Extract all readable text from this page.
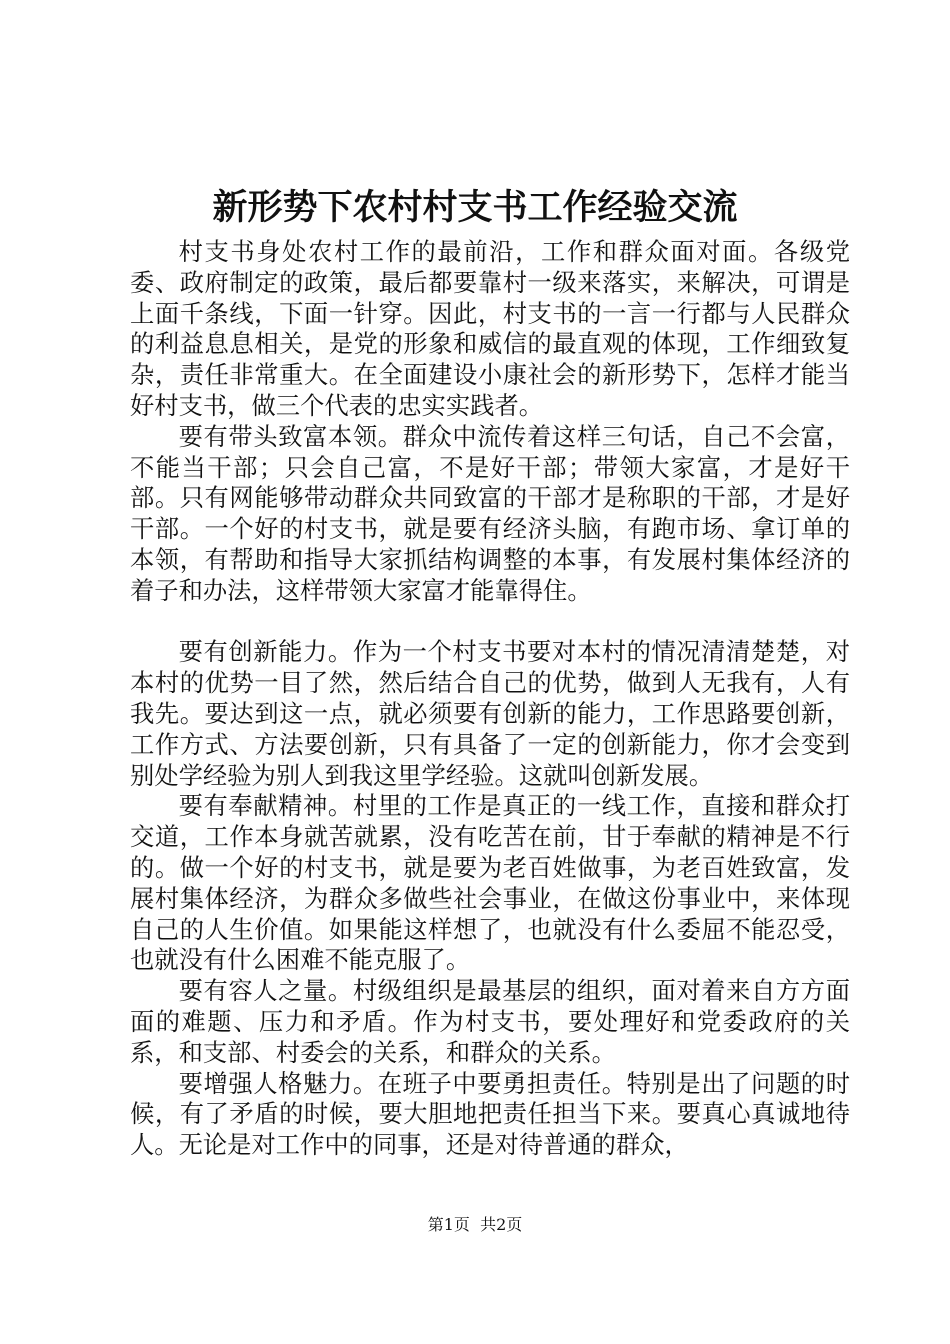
新形势下农村村支书工作经验交流

村支书身处农村工作的最前沿，工作和群众面对面。各级党委、政府制定的政策，最后都要靠村一级来落实，来解决，可谓是上面千条线，下面一针穿。因此，村支书的一言一行都与人民群众的利益息息相关，是党的形象和威信的最直观的体现，工作细致复杂，责任非常重大。在全面建设小康社会的新形势下，怎样才能当好村支书，做三个代表的忠实实践者。

要有带头致富本领。群众中流传着这样三句话，自己不会富，不能当干部；只会自己富，不是好干部；带领大家富，才是好干部。只有网能够带动群众共同致富的干部才是称职的干部，才是好干部。一个好的村支书，就是要有经济头脑，有跑市场、拿订单的本领，有帮助和指导大家抓结构调整的本事，有发展村集体经济的着子和办法，这样带领大家富才能靠得住。

要有创新能力。作为一个村支书要对本村的情况清清楚楚，对本村的优势一目了然，然后结合自己的优势，做到人无我有，人有我先。要达到这一点，就必须要有创新的能力，工作思路要创新，工作方式、方法要创新，只有具备了一定的创新能力，你才会变到别处学经验为别人到我这里学经验。这就叫创新发展。

要有奉献精神。村里的工作是真正的一线工作，直接和群众打交道，工作本身就苦就累，没有吃苦在前，甘于奉献的精神是不行的。做一个好的村支书，就是要为老百姓做事，为老百姓致富，发展村集体经济，为群众多做些社会事业，在做这份事业中，来体现自己的人生价值。如果能这样想了，也就没有什么委屈不能忍受，也就没有什么困难不能克服了。

要有容人之量。村级组织是最基层的组织，面对着来自方方面面的难题、压力和矛盾。作为村支书，要处理好和党委政府的关系，和支部、村委会的关系，和群众的关系。

要增强人格魅力。在班子中要勇担责任。特别是出了问题的时候，有了矛盾的时候，要大胆地把责任担当下来。要真心真诚地待人。无论是对工作中的同事，还是对待普通的群众，

第1页  共2页
